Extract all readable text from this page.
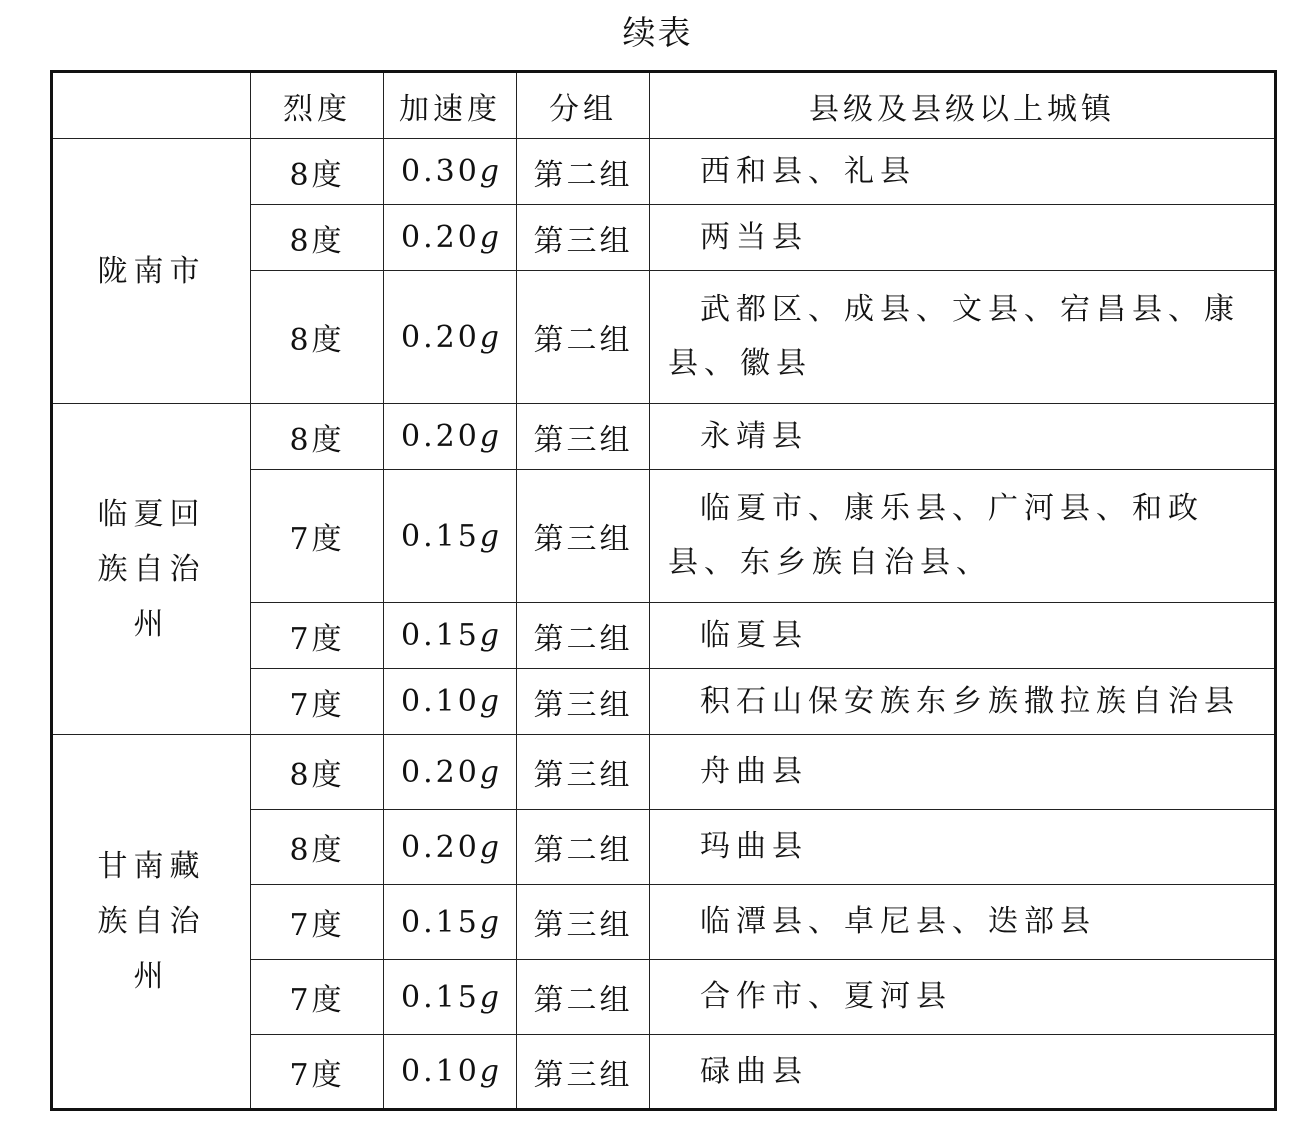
续表
	烈度	加速度	分组	县级及县级以上城镇
陇南市	8度	0.30g	第二组	西和县、礼县
	8度	0.20g	第三组	两当县
	8度	0.20g	第二组	武都区、成县、文县、宕昌县、康县、徽县
临夏回族自治州	8度	0.20g	第三组	永靖县
	7度	0.15g	第三组	临夏市、康乐县、广河县、和政县、东乡族自治县、
	7度	0.15g	第二组	临夏县
	7度	0.10g	第三组	积石山保安族东乡族撒拉族自治县
甘南藏族自治州	8度	0.20g	第三组	舟曲县
	8度	0.20g	第二组	玛曲县
	7度	0.15g	第三组	临潭县、卓尼县、迭部县
	7度	0.15g	第二组	合作市、夏河县
	7度	0.10g	第三组	碌曲县
